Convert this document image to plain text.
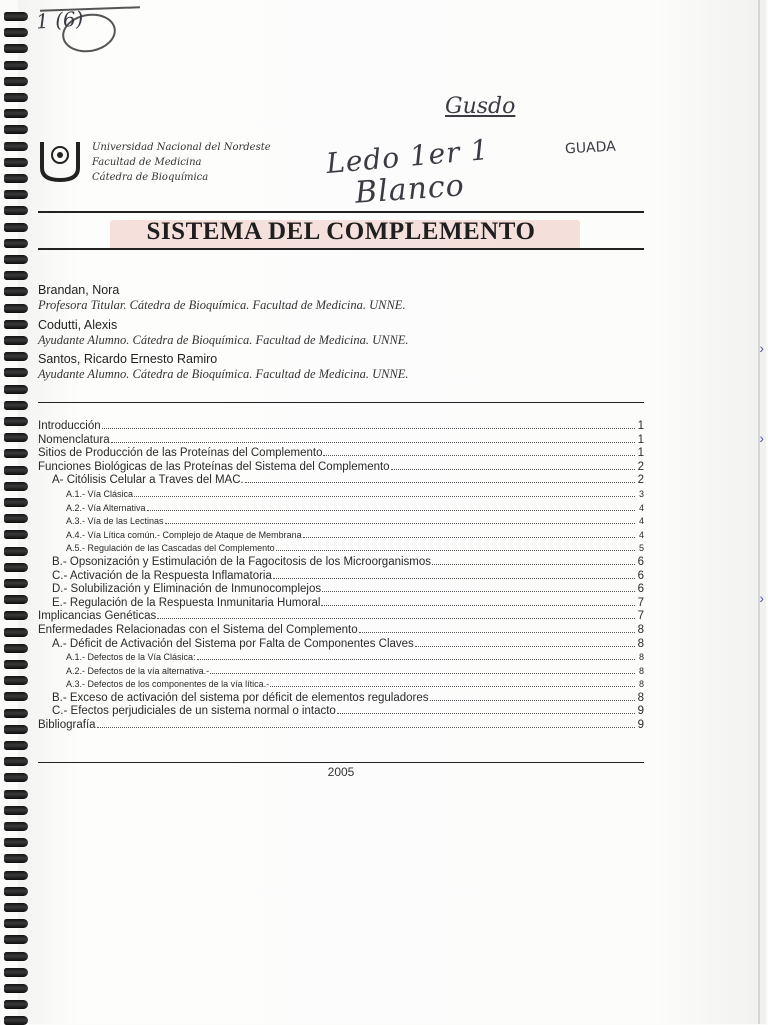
1 (6)
Gusdo
Ledo 1er 1	GUADA
Blanco
Universidad Nacional del Nordeste
Facultad de Medicina
Cátedra de Bioquímica
SISTEMA DEL COMPLEMENTO
Brandan, Nora
Profesora Titular. Cátedra de Bioquímica. Facultad de Medicina. UNNE.
Codutti, Alexis
Ayudante Alumno. Cátedra de Bioquímica. Facultad de Medicina. UNNE.
Santos, Ricardo Ernesto Ramiro
Ayudante Alumno. Cátedra de Bioquímica. Facultad de Medicina. UNNE.
Introducción	1
Nomenclatura	1
Sitios de Producción de las Proteínas del Complemento	1
Funciones Biológicas de las Proteínas del Sistema del Complemento	2
A- Citólisis Celular a Traves del MAC.	2
A.1.- Vía Clásica	3
A.2.- Vía Alternativa	4
A.3.- Vía de las Lectinas	4
A.4.- Vía Lítica común.- Complejo de Ataque de Membrana	4
A.5.- Regulación de las Cascadas del Complemento	5
B.- Opsonización y Estimulación de la Fagocitosis de los Microorganismos	6
C.- Activación de la Respuesta Inflamatoria	6
D.- Solubilización y Eliminación de Inmunocomplejos	6
E.- Regulación de la Respuesta Inmunitaria Humoral	7
Implicancias Genéticas	7
Enfermedades Relacionadas con el Sistema del Complemento	8
A.- Déficit de Activación del Sistema por Falta de Componentes Claves	8
A.1.- Defectos de la Vía Clásica:	8
A.2.- Defectos de la vía alternativa.-	8
A.3.- Defectos de los componentes de la vía lítica.-	8
B.- Exceso de activación del sistema por déficit de elementos reguladores	8
C.- Efectos perjudiciales de un sistema normal o intacto	9
Bibliografía	9
2005
›
›
›
